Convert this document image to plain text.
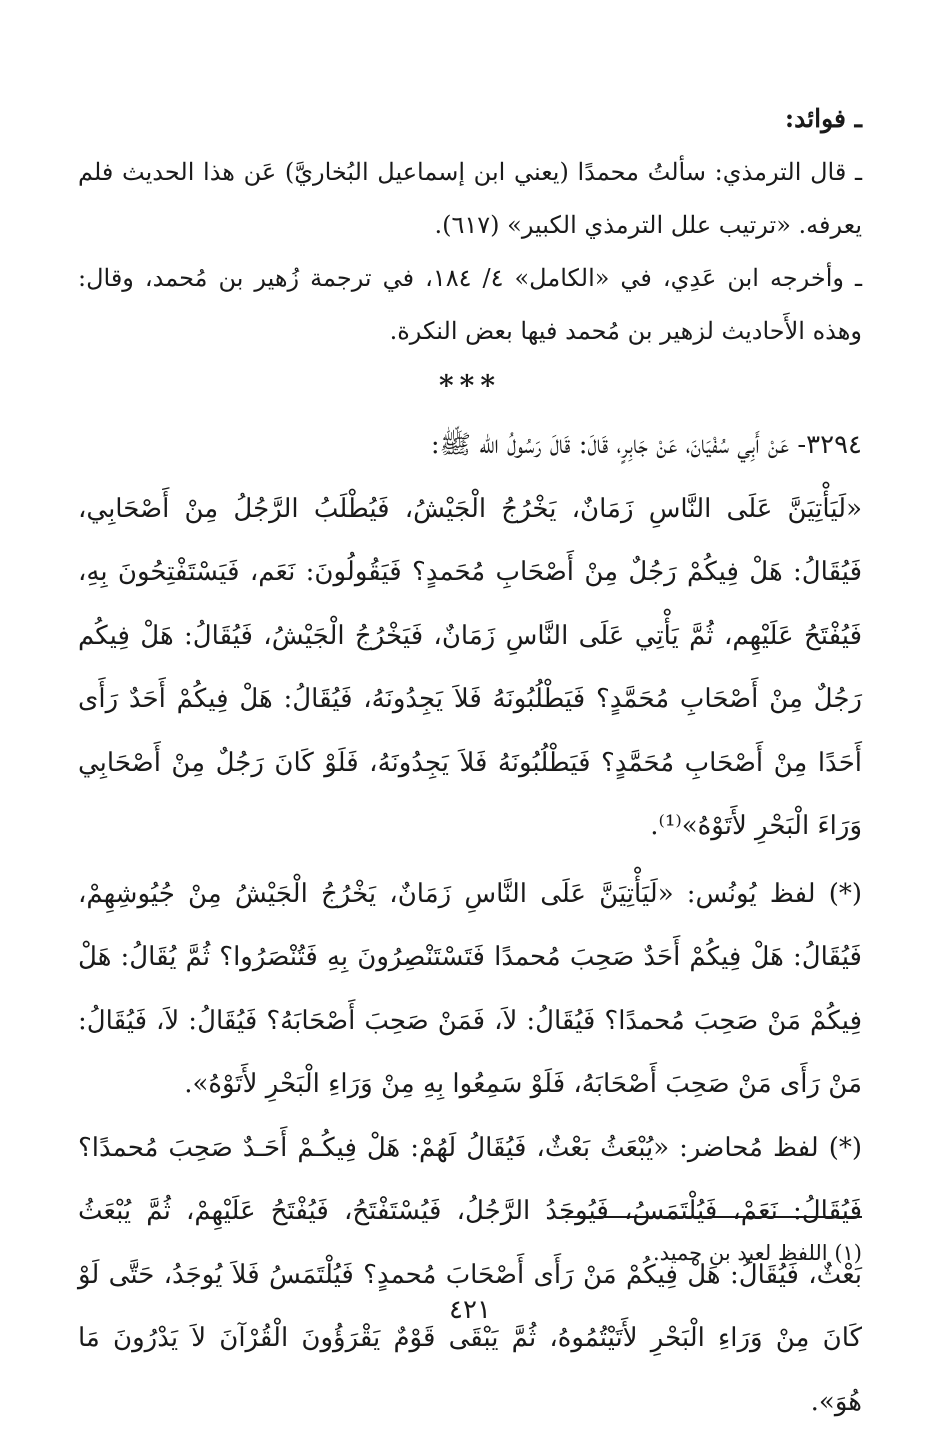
ـ فوائد:

ـ قال الترمذي: سألتُ محمدًا (يعني ابن إسماعيل البُخاريَّ) عَن هذا الحديث فلم يعرفه. «ترتيب علل الترمذي الكبير» (٦١٧).

ـ وأخرجه ابن عَدِي، في «الكامل» ٤/ ١٨٤، في ترجمة زُهير بن مُحمد، وقال: وهذه الأَحاديث لزهير بن مُحمد فيها بعض النكرة.

***

٣٢٩٤- عَنْ أَبِي سُفْيَانَ، عَنْ جَابِرٍ، قَالَ: قَالَ رَسُولُ الله ﷺ:

«لَيَأْتِيَنَّ عَلَى النَّاسِ زَمَانٌ، يَخْرُجُ الْجَيْشُ، فَيُطْلَبُ الرَّجُلُ مِنْ أَصْحَابِي، فَيُقَالُ: هَلْ فِيكُمْ رَجُلٌ مِنْ أَصْحَابِ مُحَمدٍ؟ فَيَقُولُونَ: نَعَم، فَيَسْتَفْتِحُونَ بِهِ، فَيُفْتَحُ عَلَيْهِم، ثُمَّ يَأْتِي عَلَى النَّاسِ زَمَانٌ، فَيَخْرُجُ الْجَيْشُ، فَيُقَالُ: هَلْ فِيكُم رَجُلٌ مِنْ أَصْحَابِ مُحَمَّدٍ؟ فَيَطْلُبُونَهُ فَلاَ يَجِدُونَهُ، فَيُقَالُ: هَلْ فِيكُمْ أَحَدٌ رَأَى أَحَدًا مِنْ أَصْحَابِ مُحَمَّدٍ؟ فَيَطْلُبُونَهُ فَلاَ يَجِدُونَهُ، فَلَوْ كَانَ رَجُلٌ مِنْ أَصْحَابِي وَرَاءَ الْبَحْرِ لأَتَوْهُ»⁽¹⁾.

(*) لفظ يُونُس: «لَيَأْتِيَنَّ عَلَى النَّاسِ زَمَانٌ، يَخْرُجُ الْجَيْشُ مِنْ جُيُوشِهِمْ، فَيُقَالُ: هَلْ فِيكُمْ أَحَدٌ صَحِبَ مُحمدًا فَتَسْتَنْصِرُونَ بِهِ فَتُنْصَرُوا؟ ثُمَّ يُقَالُ: هَلْ فِيكُمْ مَنْ صَحِبَ مُحمدًا؟ فَيُقَالُ: لاَ، فَمَنْ صَحِبَ أَصْحَابَهُ؟ فَيُقَالُ: لاَ، فَيُقَالُ: مَنْ رَأَى مَنْ صَحِبَ أَصْحَابَهُ، فَلَوْ سَمِعُوا بِهِ مِنْ وَرَاءِ الْبَحْرِ لأَتَوْهُ».

(*) لفظ مُحاضر: «يُبْعَثُ بَعْثٌ، فَيُقَالُ لَهُمْ: هَلْ فِيكُـمْ أَحَـدٌ صَحِبَ مُحمدًا؟ فَيُقَالُ: نَعَمْ، فَيُلْتَمَسُ، فَيُوجَدُ الرَّجُلُ، فَيُسْتَفْتَحُ، فَيُفْتَحُ عَلَيْهِمْ، ثُمَّ يُبْعَثُ بَعْثٌ، فَيُقَالُ: هَلْ فِيكُمْ مَنْ رَأَى أَصْحَابَ مُحمدٍ؟ فَيُلْتَمَسُ فَلاَ يُوجَدُ، حَتَّى لَوْ كَانَ مِنْ وَرَاءِ الْبَحْرِ لأَتَيْتُمُوهُ، ثُمَّ يَبْقَى قَوْمٌ يَقْرَؤُونَ الْقُرْآنَ لاَ يَدْرُونَ مَا هُوَ».

(١) اللفظ لعبد بن حميد.
٤٢١
